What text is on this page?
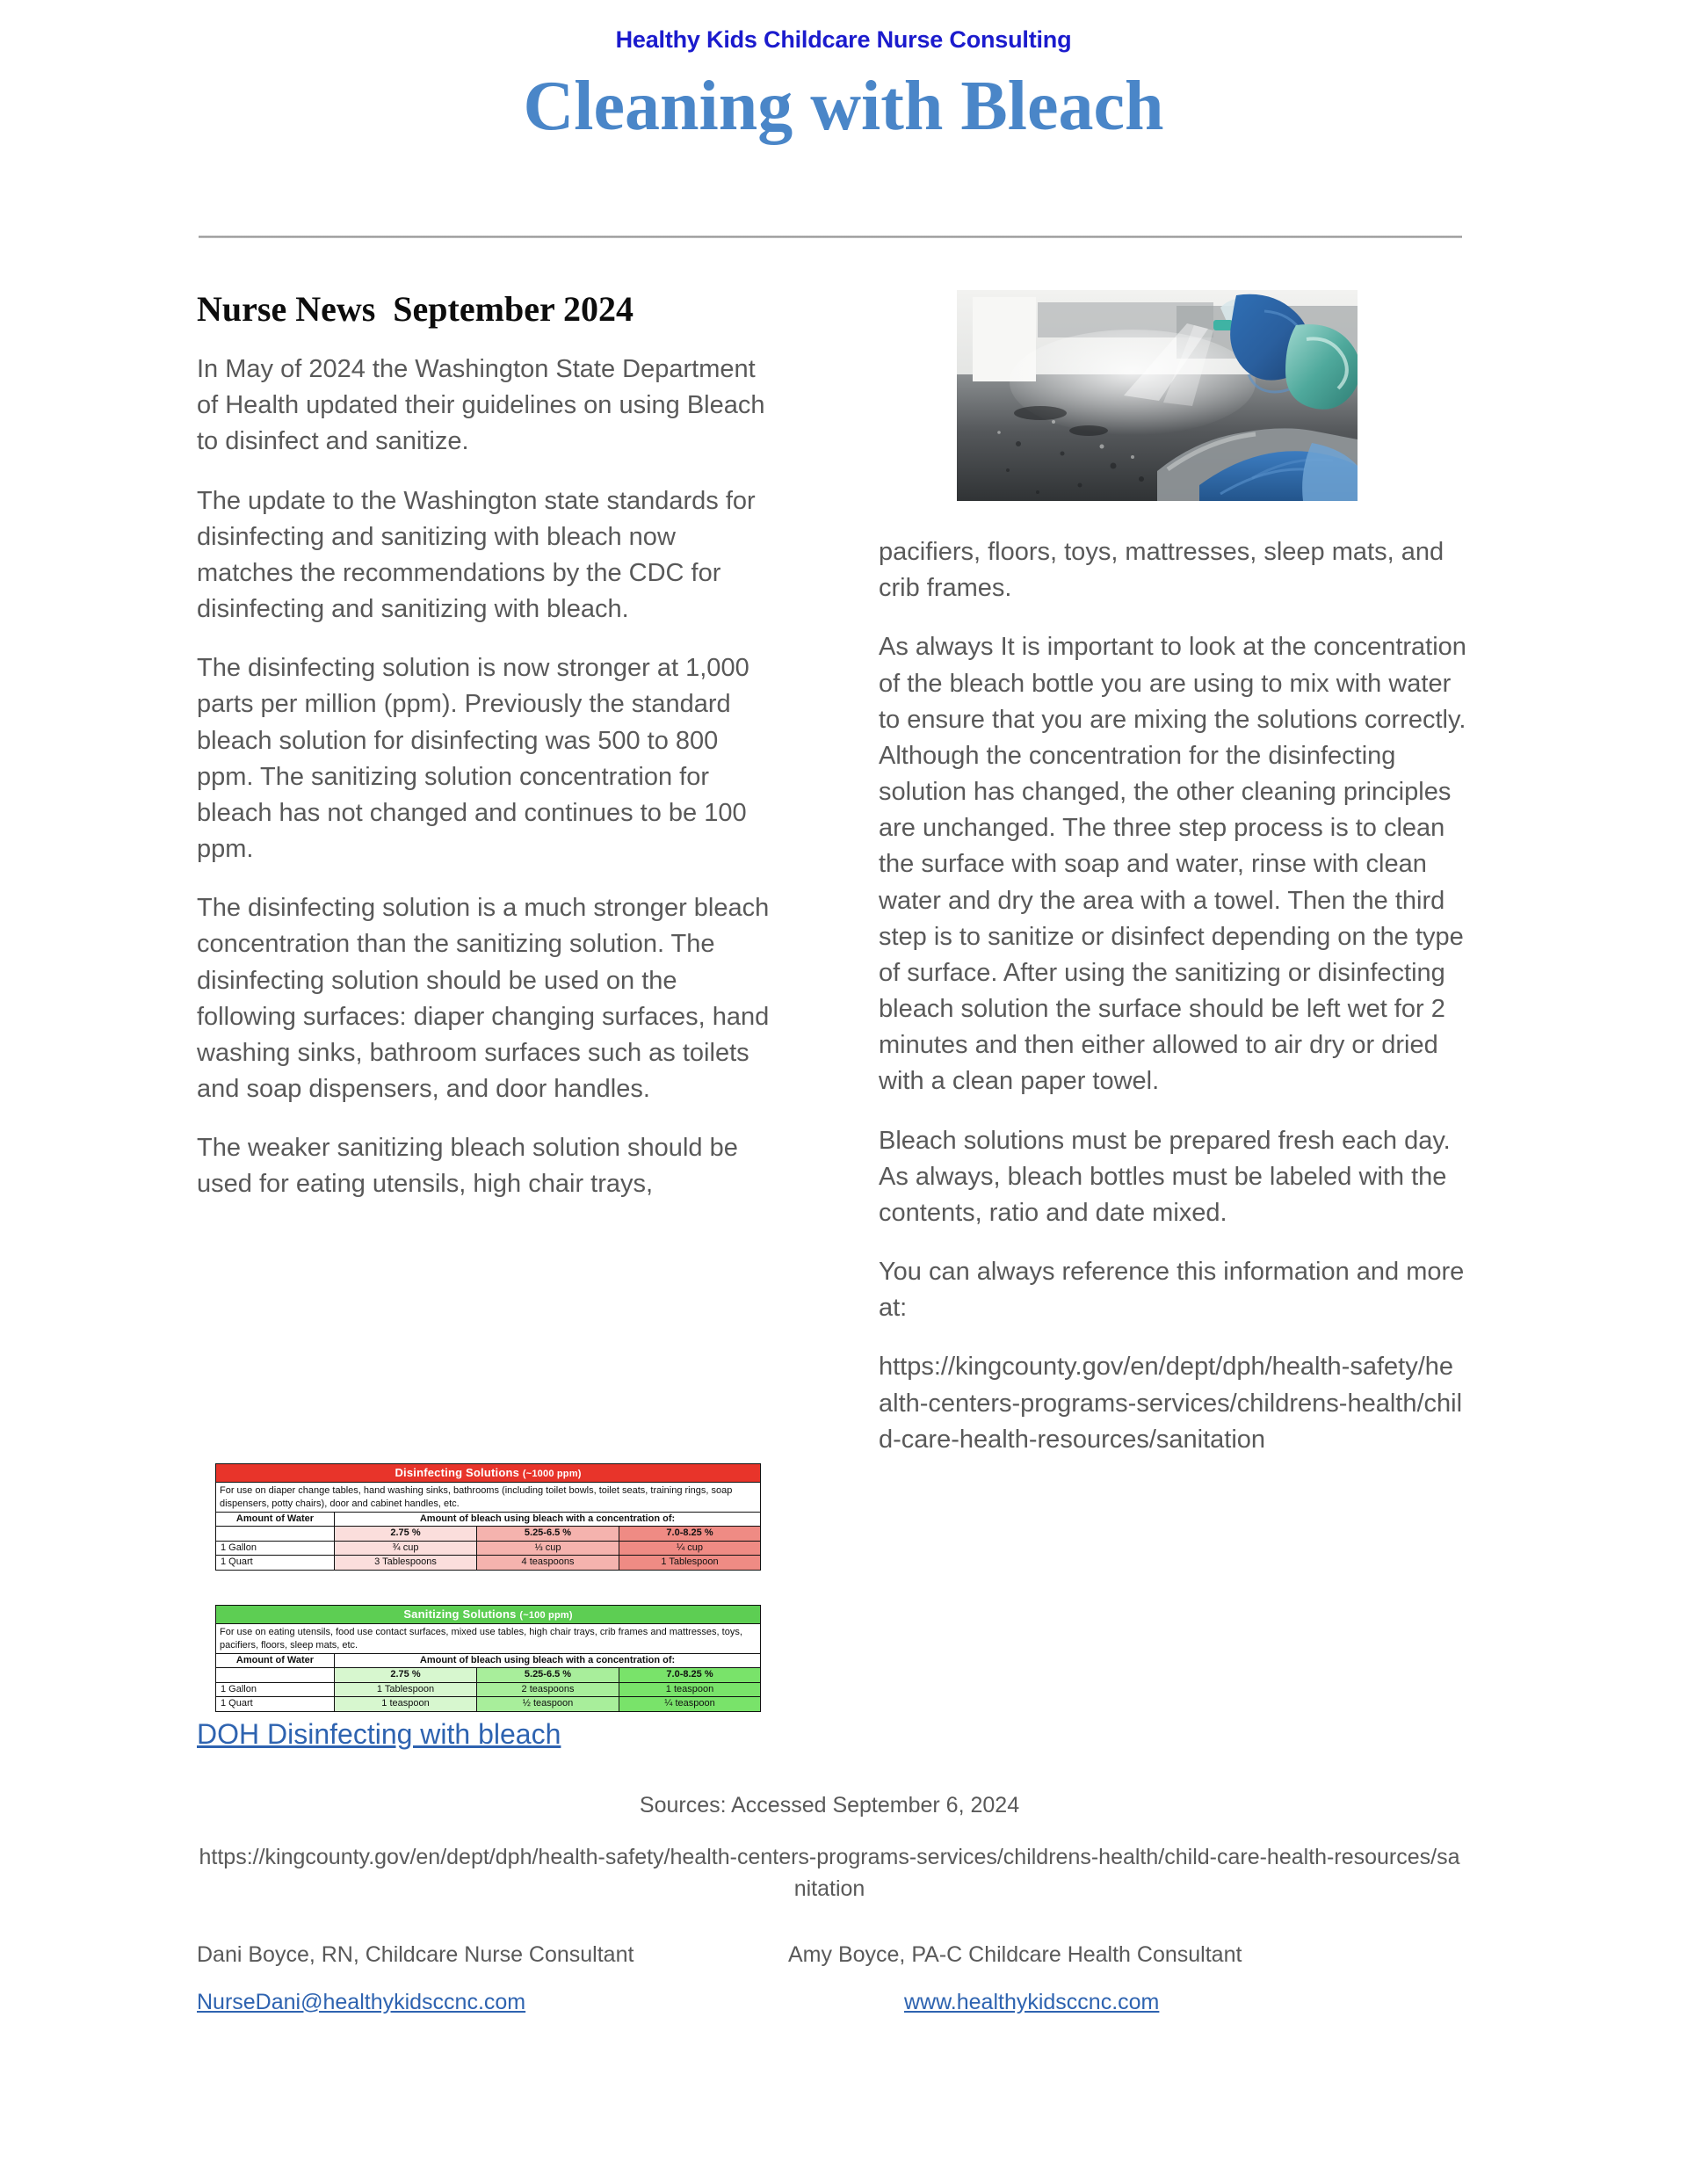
Healthy Kids Childcare Nurse Consulting
Cleaning with Bleach
Nurse News  September 2024

In May of 2024 the Washington State Department of Health updated their guidelines on using Bleach to disinfect and sanitize.

The update to the Washington state standards for disinfecting and sanitizing with bleach now matches the recommendations by the CDC for disinfecting and sanitizing with bleach.

The disinfecting solution is now stronger at 1,000 parts per million (ppm). Previously the standard bleach solution for disinfecting was 500 to 800 ppm. The sanitizing solution concentration for bleach has not changed and continues to be 100 ppm.

The disinfecting solution is a much stronger bleach concentration than the sanitizing solution. The disinfecting solution should be used on the following surfaces: diaper changing surfaces, hand washing sinks, bathroom surfaces such as toilets and soap dispensers, and door handles.

The weaker sanitizing bleach solution should be used for eating utensils, high chair trays,

pacifiers, floors, toys, mattresses, sleep mats, and crib frames.

As always It is important to look at the concentration of the bleach bottle you are using to mix with water to ensure that you are mixing the solutions correctly. Although the concentration for the disinfecting solution has changed, the other cleaning principles are unchanged. The three step process is to clean the surface with soap and water, rinse with clean water and dry the area with a towel. Then the third step is to sanitize or disinfect depending on the type of surface. After using the sanitizing or disinfecting bleach solution the surface should be left wet for 2 minutes and then either allowed to air dry or dried with a clean paper towel.

Bleach solutions must be prepared fresh each day. As always, bleach bottles must be labeled with the contents, ratio and date mixed.

You can always reference this information and more at:

https://kingcounty.gov/en/dept/dph/health-safety/health-centers-programs-services/childrens-health/child-care-health-resources/sanitation

Disinfecting Solutions (~1000 ppm)			
For use on diaper change tables, hand washing sinks, bathrooms (including toilet bowls, toilet seats, training rings, soap dispensers, potty chairs), door and cabinet handles, etc.			
Amount of Water	Amount of bleach using bleach with a concentration of:		
	2.75 %	5.25-6.5 %	7.0-8.25 %
1 Gallon	¾ cup	⅓ cup	¼ cup
1 Quart	3 Tablespoons	4 teaspoons	1 Tablespoon
Sanitizing Solutions (~100 ppm)			
For use on eating utensils, food use contact surfaces, mixed use tables, high chair trays, crib frames and mattresses, toys, pacifiers, floors, sleep mats, etc.			
Amount of Water	Amount of bleach using bleach with a concentration of:		
	2.75 %	5.25-6.5 %	7.0-8.25 %
1 Gallon	1 Tablespoon	2 teaspoons	1 teaspoon
1 Quart	1 teaspoon	½ teaspoon	¼ teaspoon
DOH Disinfecting with bleach
Sources: Accessed September 6, 2024
https://kingcounty.gov/en/dept/dph/health-safety/health-centers-programs-services/childrens-health/child-care-health-resources/sanitation
Dani Boyce, RN, Childcare Nurse Consultant	Amy Boyce, PA-C Childcare Health Consultant
NurseDani@healthykidsccnc.com	www.healthykidsccnc.com
